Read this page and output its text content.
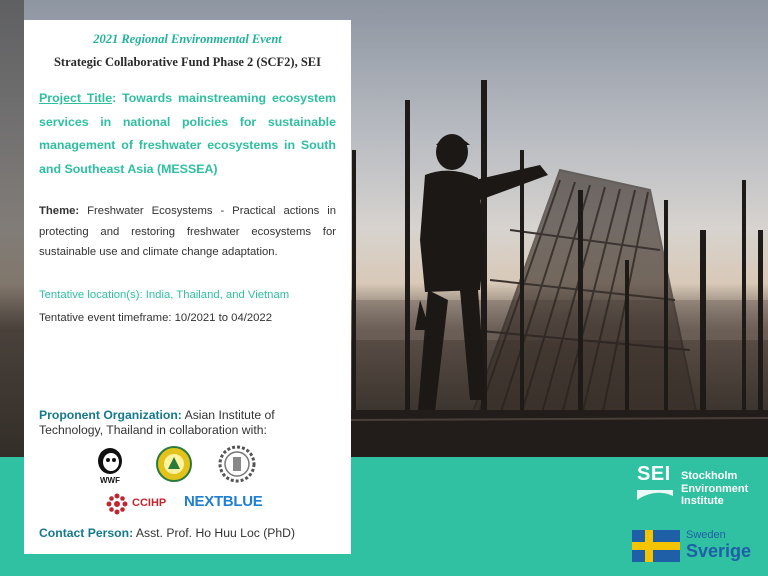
2021 Regional Environmental Event
Strategic Collaborative Fund Phase 2 (SCF2), SEI
Project Title: Towards mainstreaming ecosystem services in national policies for sustainable management of freshwater ecosystems in South and Southeast Asia (MESSEA)
Theme: Freshwater Ecosystems - Practical actions in protecting and restoring freshwater ecosystems for sustainable use and climate change adaptation.
Tentative location(s): India, Thailand, and Vietnam
Tentative event timeframe: 10/2021 to 04/2022
Proponent Organization: Asian Institute of Technology, Thailand in collaboration with:
WWF
CCIHP NEXTBLUE
Contact Person: Asst. Prof. Ho Huu Loc (PhD)
SEI Stockholm
Environment
Institute
Sweden
Sverige
